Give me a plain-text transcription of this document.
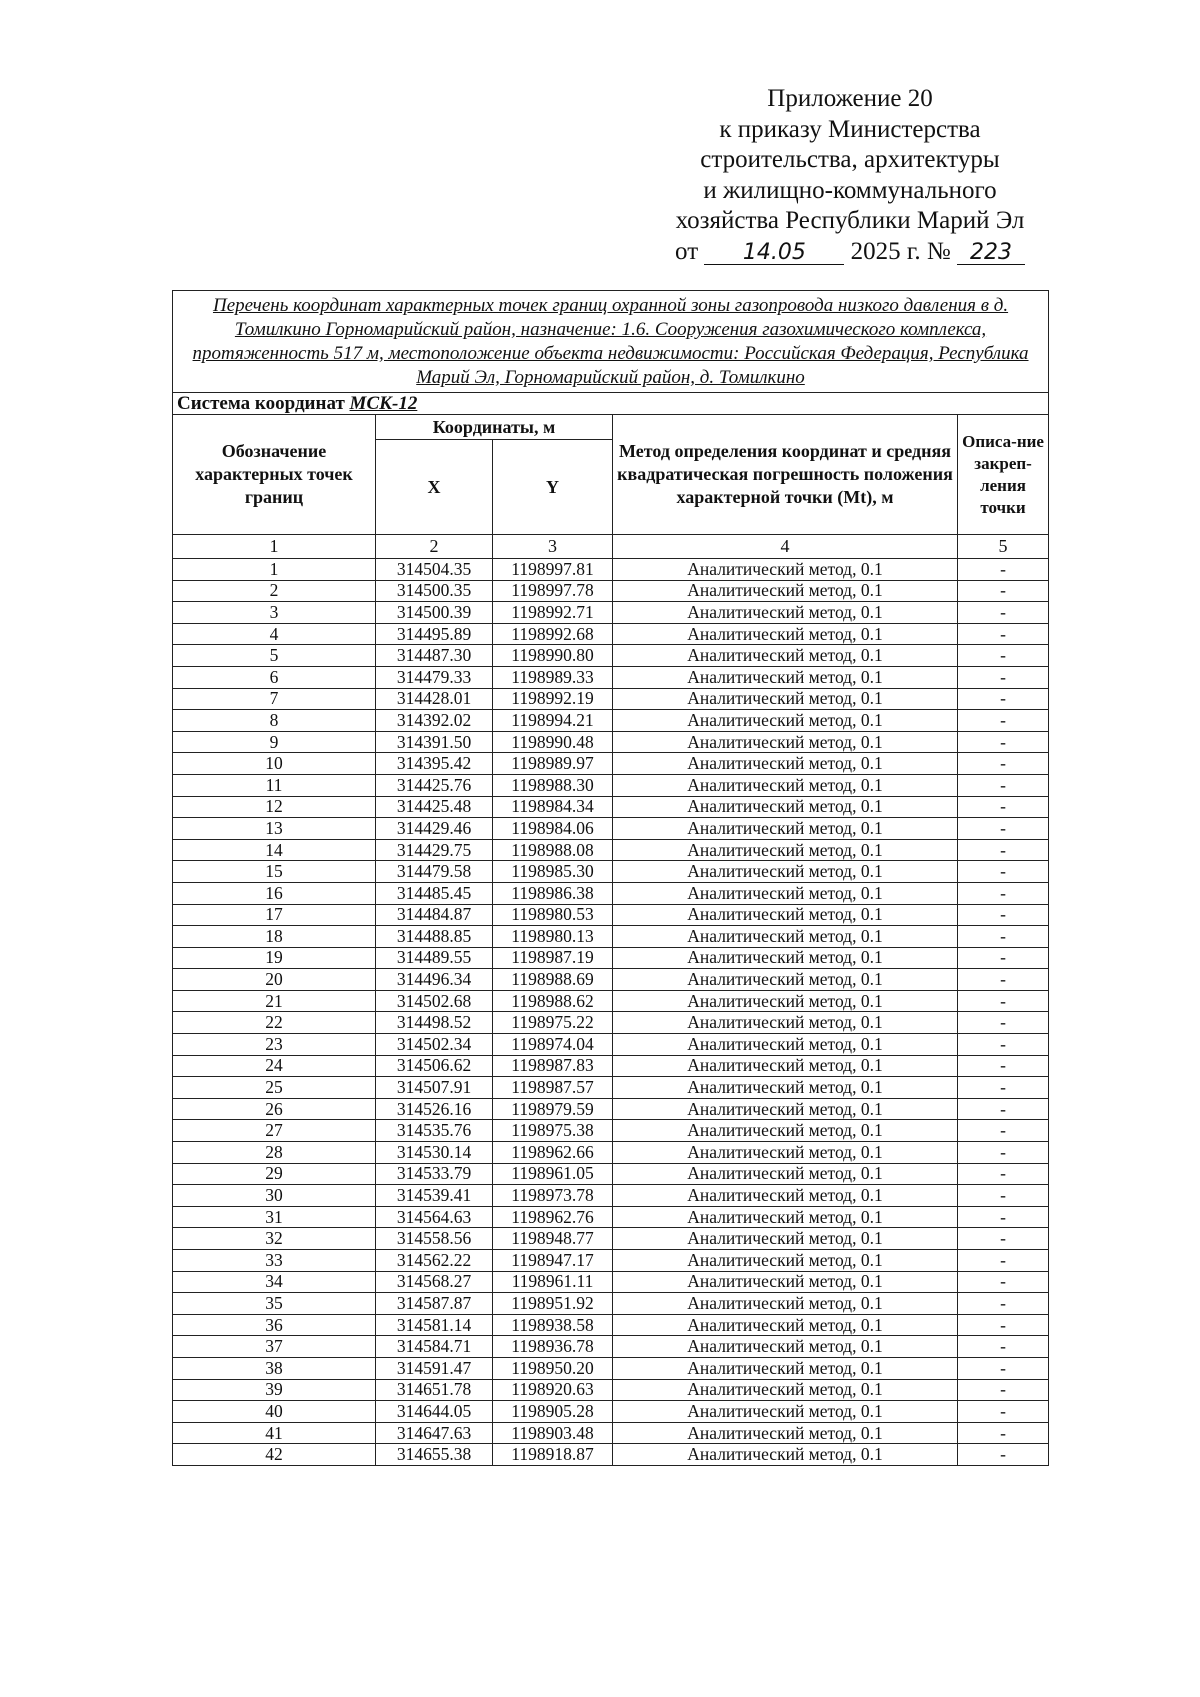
Приложение 20
к приказу Министерства
строительства, архитектуры
и жилищно-коммунального
хозяйства Республики Марий Эл
от 14.05 2025 г. № 223
Перечень координат характерных точек границ охранной зоны газопровода низкого давления в д. Томилкино Горномарийский район, назначение: 1.6. Сооружения газохимического комплекса, протяженность 517 м, местоположение объекта недвижимости: Российская Федерация, Республика Марий Эл, Горномарийский район, д. Томилкино				
Система координат МСК-12				
Обозначение характерных точек границ	Координаты, м		Метод определения координат и средняя квадратическая погрешность положения характерной точки (Mt), м	Описа-ние закреп-ления точки
	X	Y		
1	2	3	4	5
1	314504.35	1198997.81	Аналитический метод, 0.1	-
2	314500.35	1198997.78	Аналитический метод, 0.1	-
3	314500.39	1198992.71	Аналитический метод, 0.1	-
4	314495.89	1198992.68	Аналитический метод, 0.1	-
5	314487.30	1198990.80	Аналитический метод, 0.1	-
6	314479.33	1198989.33	Аналитический метод, 0.1	-
7	314428.01	1198992.19	Аналитический метод, 0.1	-
8	314392.02	1198994.21	Аналитический метод, 0.1	-
9	314391.50	1198990.48	Аналитический метод, 0.1	-
10	314395.42	1198989.97	Аналитический метод, 0.1	-
11	314425.76	1198988.30	Аналитический метод, 0.1	-
12	314425.48	1198984.34	Аналитический метод, 0.1	-
13	314429.46	1198984.06	Аналитический метод, 0.1	-
14	314429.75	1198988.08	Аналитический метод, 0.1	-
15	314479.58	1198985.30	Аналитический метод, 0.1	-
16	314485.45	1198986.38	Аналитический метод, 0.1	-
17	314484.87	1198980.53	Аналитический метод, 0.1	-
18	314488.85	1198980.13	Аналитический метод, 0.1	-
19	314489.55	1198987.19	Аналитический метод, 0.1	-
20	314496.34	1198988.69	Аналитический метод, 0.1	-
21	314502.68	1198988.62	Аналитический метод, 0.1	-
22	314498.52	1198975.22	Аналитический метод, 0.1	-
23	314502.34	1198974.04	Аналитический метод, 0.1	-
24	314506.62	1198987.83	Аналитический метод, 0.1	-
25	314507.91	1198987.57	Аналитический метод, 0.1	-
26	314526.16	1198979.59	Аналитический метод, 0.1	-
27	314535.76	1198975.38	Аналитический метод, 0.1	-
28	314530.14	1198962.66	Аналитический метод, 0.1	-
29	314533.79	1198961.05	Аналитический метод, 0.1	-
30	314539.41	1198973.78	Аналитический метод, 0.1	-
31	314564.63	1198962.76	Аналитический метод, 0.1	-
32	314558.56	1198948.77	Аналитический метод, 0.1	-
33	314562.22	1198947.17	Аналитический метод, 0.1	-
34	314568.27	1198961.11	Аналитический метод, 0.1	-
35	314587.87	1198951.92	Аналитический метод, 0.1	-
36	314581.14	1198938.58	Аналитический метод, 0.1	-
37	314584.71	1198936.78	Аналитический метод, 0.1	-
38	314591.47	1198950.20	Аналитический метод, 0.1	-
39	314651.78	1198920.63	Аналитический метод, 0.1	-
40	314644.05	1198905.28	Аналитический метод, 0.1	-
41	314647.63	1198903.48	Аналитический метод, 0.1	-
42	314655.38	1198918.87	Аналитический метод, 0.1	-
